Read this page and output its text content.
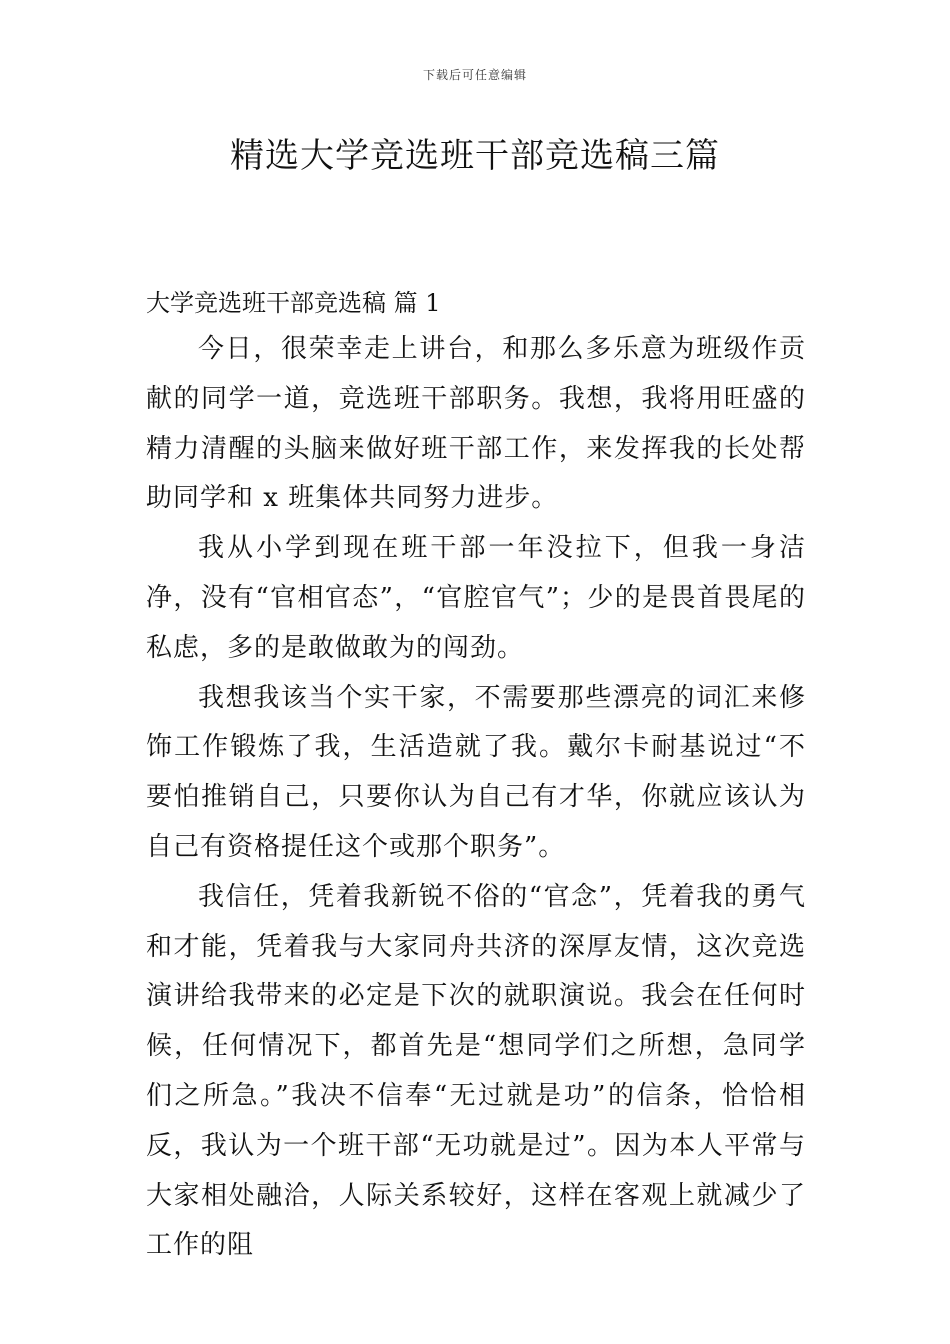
下载后可任意编辑
精选大学竞选班干部竞选稿三篇
大学竞选班干部竞选稿 篇 1

今日，很荣幸走上讲台，和那么多乐意为班级作贡献的同学一道，竞选班干部职务。我想，我将用旺盛的精力清醒的头脑来做好班干部工作，来发挥我的长处帮助同学和 x 班集体共同努力进步。

我从小学到现在班干部一年没拉下，但我一身洁净，没有“官相官态”，“官腔官气”；少的是畏首畏尾的私虑，多的是敢做敢为的闯劲。

我想我该当个实干家，不需要那些漂亮的词汇来修饰工作锻炼了我，生活造就了我。戴尔卡耐基说过“不要怕推销自己，只要你认为自己有才华，你就应该认为自己有资格提任这个或那个职务”。

我信任，凭着我新锐不俗的“官念”，凭着我的勇气和才能，凭着我与大家同舟共济的深厚友情，这次竞选演讲给我带来的必定是下次的就职演说。我会在任何时候，任何情况下，都首先是“想同学们之所想，急同学们之所急。”我决不信奉“无过就是功”的信条，恰恰相反，我认为一个班干部“无功就是过”。因为本人平常与大家相处融洽，人际关系较好，这样在客观上就减少了工作的阻
